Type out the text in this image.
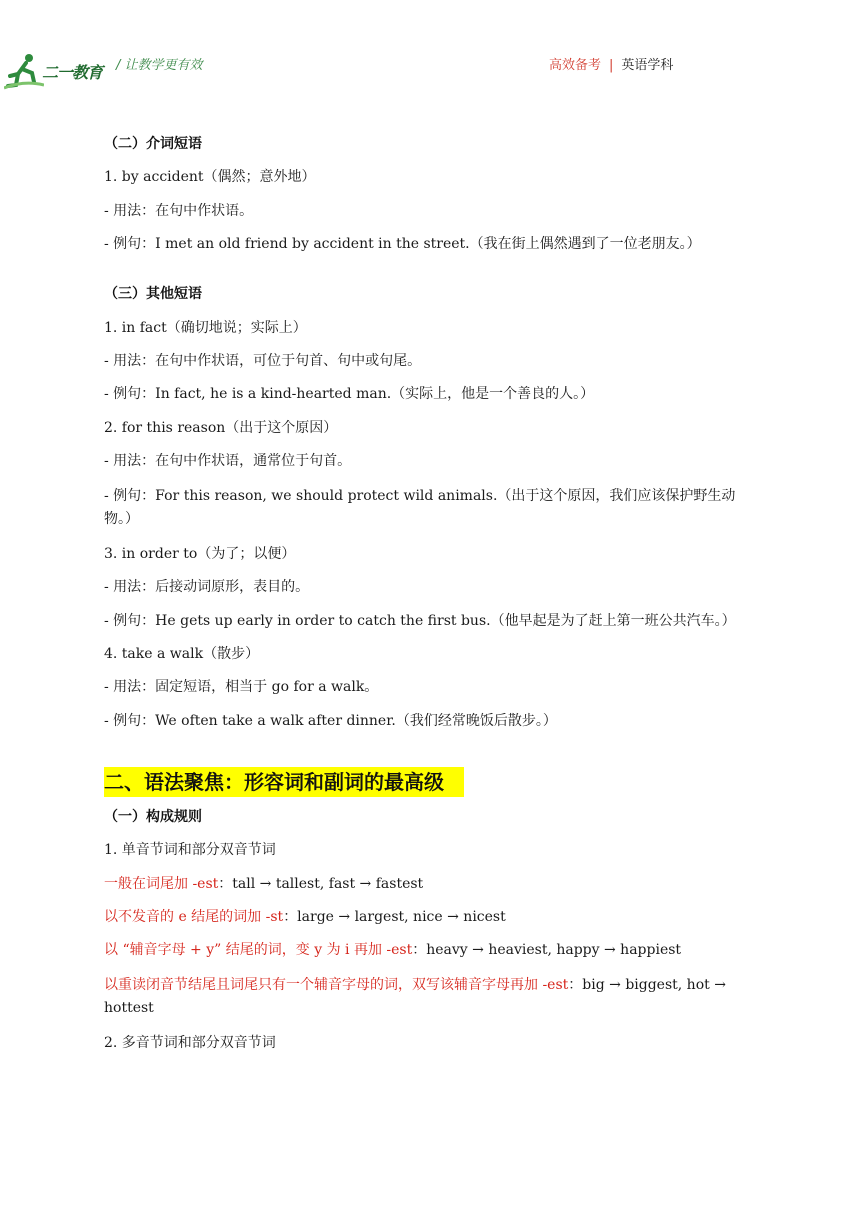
二一教育 / 让教学更有效	高效备考 | 英语学科
（二）介词短语
1. by accident（偶然；意外地）
- 用法：在句中作状语。
- 例句：I met an old friend by accident in the street.（我在街上偶然遇到了一位老朋友。）
（三）其他短语
1. in fact（确切地说；实际上）
- 用法：在句中作状语，可位于句首、句中或句尾。
- 例句：In fact, he is a kind-hearted man.（实际上，他是一个善良的人。）
2. for this reason（出于这个原因）
- 用法：在句中作状语，通常位于句首。
- 例句：For this reason, we should protect wild animals.（出于这个原因，我们应该保护野生动物。）
3. in order to（为了；以便）
- 用法：后接动词原形，表目的。
- 例句：He gets up early in order to catch the first bus.（他早起是为了赶上第一班公共汽车。）
4. take a walk（散步）
- 用法：固定短语，相当于 go for a walk。
- 例句：We often take a walk after dinner.（我们经常晚饭后散步。）
二、语法聚焦：形容词和副词的最高级
（一）构成规则
1. 单音节词和部分双音节词
一般在词尾加 -est：tall → tallest, fast → fastest
以不发音的 e 结尾的词加 -st：large → largest, nice → nicest
以 “辅音字母 + y” 结尾的词，变 y 为 i 再加 -est：heavy → heaviest, happy → happiest
以重读闭音节结尾且词尾只有一个辅音字母的词，双写该辅音字母再加 -est：big → biggest, hot → hottest
2. 多音节词和部分双音节词
